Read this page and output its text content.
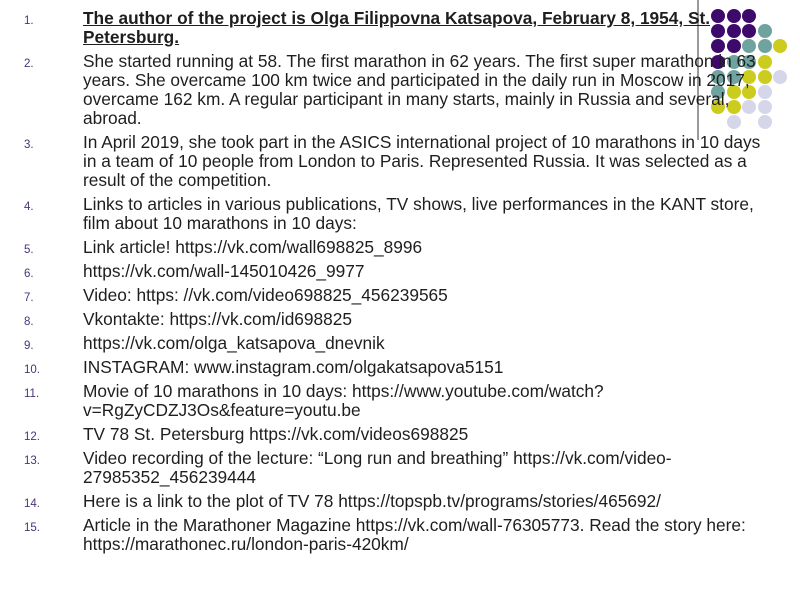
1.	The author of the project is Olga Filippovna Katsapova, February 8, 1954, St. Petersburg.
2.	She started running at 58. The first marathon in 62 years. The first super marathon in 63 years. She overcame 100 km twice and participated in the daily run in Moscow in 2017, overcame 162 km. A regular participant in many starts, mainly in Russia and several, abroad.
3.	In April 2019, she took part in the ASICS international project of 10 marathons in 10 days in a team of 10 people from London to Paris. Represented Russia. It was selected as a result of the competition.
4.	Links to articles in various publications, TV shows, live performances in the KANT store, film about 10 marathons in 10 days:
5.	Link article! https://vk.com/wall698825_8996
6.	https://vk.com/wall-145010426_9977
7.	Video: https: //vk.com/video698825_456239565
8.	Vkontakte: https://vk.com/id698825
9.	https://vk.com/olga_katsapova_dnevnik
10. INSTAGRAM: www.instagram.com/olgakatsapova5151
11.	Movie of 10 marathons in 10 days: https://www.youtube.com/watch?v=RgZyCDZJ3Os&feature=youtu.be
12. TV 78 St. Petersburg https://vk.com/videos698825
13. Video recording of the lecture: “Long run and breathing” https://vk.com/video-27985352_456239444
14. Here is a link to the plot of TV 78 https://topspb.tv/programs/stories/465692/
15. Article in the Marathoner Magazine https://vk.com/wall-76305773. Read the story here: https://marathonec.ru/london-paris-420km/
